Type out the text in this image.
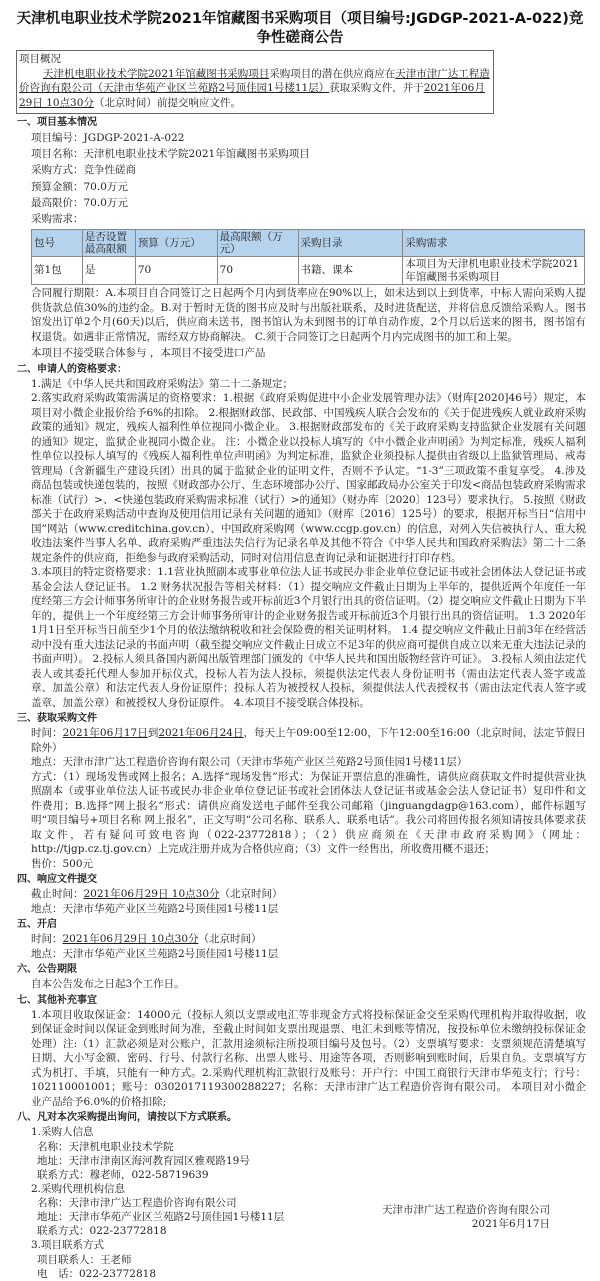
天津机电职业技术学院2021年馆藏图书采购项目（项目编号:JGDGP-2021-A-022)竞争性磋商公告
项目概况

天津机电职业技术学院2021年馆藏图书采购项目采购项目的潜在供应商应在天津市津广达工程造价咨询有限公司（天津市华苑产业区兰苑路2号顶佳园1号楼11层）获取采购文件，并于2021年06月29日 10点30分（北京时间）前提交响应文件。

一、项目基本情况
项目编号：JGDGP-2021-A-022
项目名称：天津机电职业技术学院2021年馆藏图书采购项目
采购方式：竞争性磋商
预算金额：70.0万元
最高限价：70.0万元
采购需求：
包号	是否设置最高限额	预算（万元）	最高限额（万元）	采购目录	采购需求
第1包	是	70	70	书籍、课本	本项目为天津机电职业技术学院2021年馆藏图书采购项目
合同履行期限：A.本项目自合同签订之日起两个月内到货率应在90%以上，如未达到以上到货率，中标人需向采购人提供货款总值30%的违约金。B.对于暂时无货的图书应及时与出版社联系，及时进货配送，并将信息反馈给采购人。图书馆发出订单2个月(60天)以后，供应商未送书，图书馆认为未到图书的订单自动作废，2个月以后送来的图书，图书馆有权退货。如遇非正常情况，需经双方协商解决。 C.须于合同签订之日起两个月内完成图书的加工和上架。
本项目不接受联合体参与 ，本项目不接受进口产品
二、申请人的资格要求：
1.满足《中华人民共和国政府采购法》第二十二条规定；
2.落实政府采购政策需满足的资格要求：1.根据《政府采购促进中小企业发展管理办法》（财库[2020]46号）规定，本项目对小微企业报价给予6%的扣除。 2.根据财政部、民政部、中国残疾人联合会发布的《关于促进残疾人就业政府采购政策的通知》规定，残疾人福利性单位视同小微企业。 3.根据财政部发布的《关于政府采购支持监狱企业发展有关问题的通知》规定，监狱企业视同小微企业。 注：小微企业以投标人填写的《中小微企业声明函》为判定标准，残疾人福利性单位以投标人填写的《残疾人福利性单位声明函》为判定标准，监狱企业须投标人提供由省级以上监狱管理局、戒毒管理局（含新疆生产建设兵团）出具的属于监狱企业的证明文件，否则不予认定。“1-3”三项政策不重复享受。 4.涉及商品包装或快递包装的，按照《财政部办公厅、生态环境部办公厅、国家邮政局办公室关于印发<商品包装政府采购需求标准（试行）>、<快递包装政府采购需求标准（试行）>的通知》（财办库〔2020〕123号）要求执行。 5.按照《财政部关于在政府采购活动中查询及使用信用记录有关问题的通知》（财库〔2016〕125号）的要求，根据开标当日“信用中国”网站（www.creditchina.gov.cn）、中国政府采购网（www.ccgp.gov.cn）的信息，对列入失信被执行人、重大税收违法案件当事人名单、政府采购严重违法失信行为记录名单及其他不符合《中华人民共和国政府采购法》第二十二条规定条件的供应商，拒绝参与政府采购活动，同时对信用信息查询记录和证据进行打印存档。
3.本项目的特定资格要求：1.1营业执照副本或事业单位法人证书或民办非企业单位登记证书或社会团体法人登记证书或基金会法人登记证书。 1.2 财务状况报告等相关材料：（1）提交响应文件截止日期为上半年的，提供近两个年度任一年度经第三方会计师事务所审计的企业财务报告或开标前近3个月银行出具的资信证明。（2）提交响应文件截止日期为下半年的，提供上一个年度经第三方会计师事务所审计的企业财务报告或开标前近3个月银行出具的资信证明。 1.3 2020年1月1日至开标当日前至少1个月的依法缴纳税收和社会保险费的相关证明材料。 1.4 提交响应文件截止日前3年在经营活动中没有重大违法记录的书面声明（截至提交响应文件截止日成立不足3年的供应商可提供自成立以来无重大违法记录的书面声明）。 2.投标人须具备国内新闻出版管理部门颁发的《中华人民共和国出版物经营许可证》。 3.投标人须由法定代表人或其委托代理人参加开标仪式，投标人若为法人投标，须提供法定代表人身份证明书（需由法定代表人签字或盖章、加盖公章）和法定代表人身份证原件；投标人若为被授权人投标，须提供法人代表授权书（需由法定代表人签字或盖章、加盖公章）和被授权人身份证原件。 4.本项目不接受联合体投标。
三、获取采购文件
时间：2021年06月17日到2021年06月24日，每天上午09:00至12:00，下午12:00至16:00（北京时间，法定节假日除外）
地点：天津市津广达工程造价咨询有限公司（天津市华苑产业区兰苑路2号顶佳园1号楼11层）
方式：（1）现场发售或网上报名；A.选择“现场发售”形式：为保证开票信息的准确性，请供应商获取文件时提供营业执照副本（或事业单位法人证书或民办非企业单位登记证书或社会团体法人登记证书或基金会法人登记证书）复印件和文件费用；B.选择“网上报名”形式：请供应商发送电子邮件至我公司邮箱（jinguangdagp@163.com），邮件标题写明“项目编号+项目名称 网上报名”，正文写明“公司名称、联系人、联系电话”。我公司将回传报名须知请按具体要求获取文件，若有疑问可致电咨询（022-23772818）；（2）供应商须在《天津市政府采购网》（网址：http://tjgp.cz.tj.gov.cn）上完成注册并成为合格供应商；（3）文件一经售出，所收费用概不退还；
售价：500元
四、响应文件提交
截止时间：2021年06月29日 10点30分（北京时间）
地点：天津市华苑产业区兰苑路2号顶佳园1号楼11层
五、开启
时间：2021年06月29日 10点30分（北京时间）
地点：天津市华苑产业区兰苑路2号顶佳园1号楼11层
六、公告期限
自本公告发布之日起3个工作日。
七、其他补充事宜
1.本项目收取保证金：14000元（投标人须以支票或电汇等非现金方式将投标保证金交至采购代理机构并取得收据，收到保证金时间以保证金到账时间为准，至截止时间如支票出现退票、电汇未到账等情况，按投标单位未缴纳投标保证金处理）注:（1）汇款必须是对公账户，汇款用途须标注所投项目编号及包号。（2）支票填写要求：支票须规范清楚填写日期、大小写金额、密码、行号、付款行名称、出票人账号、用途等各项，否则影响到账时间，后果自负。支票填写方式为机打、手填，只能有一种方式。2.采购代理机构汇款银行及账号：开户行：中国工商银行天津市华苑支行；行号：102110001001；账号：0302017119300288227；名称：天津市津广达工程造价咨询有限公司。 本项目对小微企业产品给予6.0%的价格扣除;
八、凡对本次采购提出询问，请按以下方式联系。
1.采购人信息
名称：天津机电职业技术学院
地址：天津市津南区海河教育园区雅观路19号
联系方式：穆老师，022-58719639
2.采购代理机构信息
名称：天津市津广达工程造价咨询有限公司
地址：天津市华苑产业区兰苑路2号顶佳园1号楼11层
联系方式：022-23772818
3.项目联系方式
项目联系人：王老师
电　话：022-23772818
天津市津广达工程造价咨询有限公司
2021年6月17日
